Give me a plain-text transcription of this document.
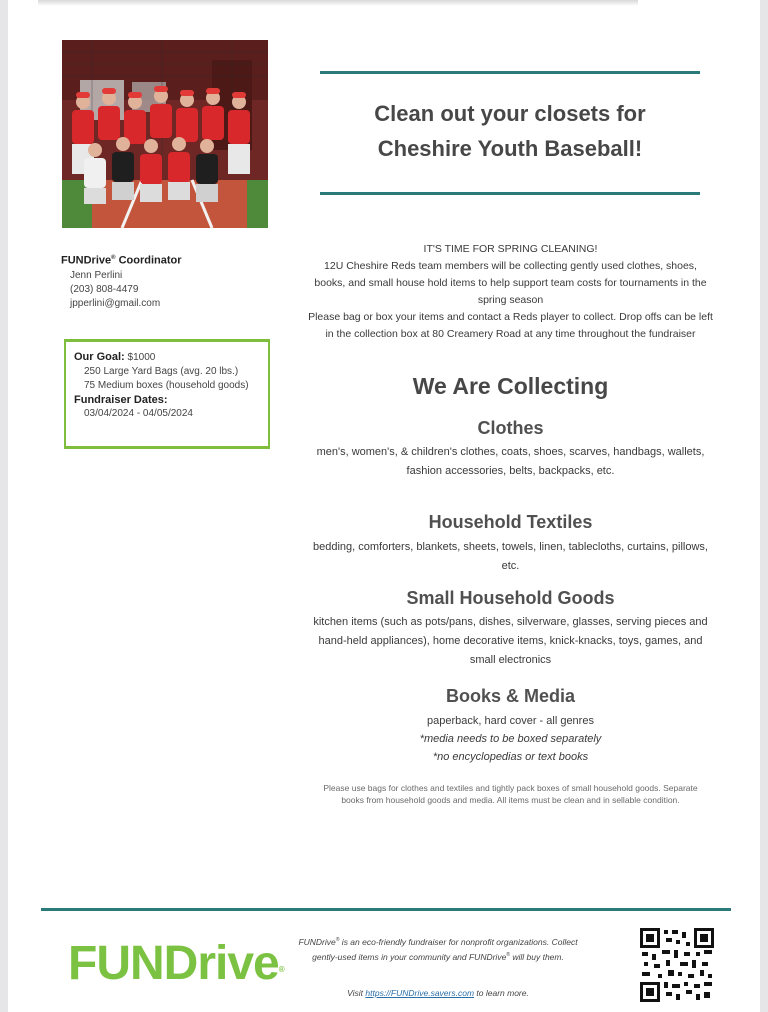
FUNDrive® Coordinator
Jenn Perlini
(203) 808-4479
jpperlini@gmail.com
Our Goal: $1000
250 Large Yard Bags (avg. 20 lbs.)
75 Medium boxes (household goods)
Fundraiser Dates:
03/04/2024 - 04/05/2024
Clean out your closets for
Cheshire Youth Baseball!
IT'S TIME FOR SPRING CLEANING!
12U Cheshire Reds team members will be collecting gently used clothes, shoes, books, and small house hold items to help support team costs for tournaments in the spring season
Please bag or box your items and contact a Reds player to collect. Drop offs can be left in the collection box at 80 Creamery Road at any time throughout the fundraiser
We Are Collecting
Clothes
men's, women's, & children's clothes, coats, shoes, scarves, handbags, wallets, fashion accessories, belts, backpacks, etc.
Household Textiles
bedding, comforters, blankets, sheets, towels, linen, tablecloths, curtains, pillows, etc.
Small Household Goods
kitchen items (such as pots/pans, dishes, silverware, glasses, serving pieces and hand-held appliances), home decorative items, knick-knacks, toys, games, and small electronics
Books & Media
paperback, hard cover - all genres
*media needs to be boxed separately
*no encyclopedias or text books
Please use bags for clothes and textiles and tightly pack boxes of small household goods. Separate books from household goods and media. All items must be clean and in sellable condition.
FUNDrive®
FUNDrive® is an eco-friendly fundraiser for nonprofit organizations. Collect gently-used items in your community and FUNDrive® will buy them.
Visit https://FUNDrive.savers.com to learn more.
